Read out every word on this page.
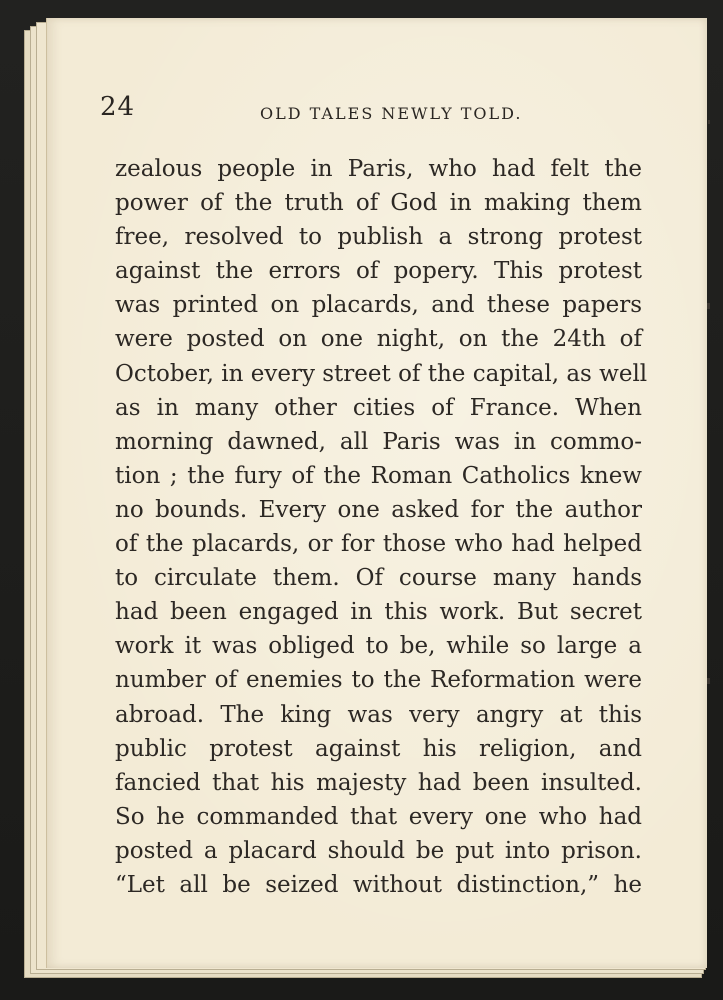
24	OLD TALES NEWLY TOLD.
zealous people in Paris, who had felt the
power of the truth of God in making them
free, resolved to publish a strong protest
against the errors of popery. This protest
was printed on placards, and these papers
were posted on one night, on the 24th of
October, in every street of the capital, as well
as in many other cities of France. When
morning dawned, all Paris was in commo-
tion ; the fury of the Roman Catholics knew
no bounds. Every one asked for the author
of the placards, or for those who had helped
to circulate them. Of course many hands
had been engaged in this work. But secret
work it was obliged to be, while so large a
number of enemies to the Reformation were
abroad. The king was very angry at this
public protest against his religion, and
fancied that his majesty had been insulted.
So he commanded that every one who had
posted a placard should be put into prison.
“Let all be seized without distinction,” he
